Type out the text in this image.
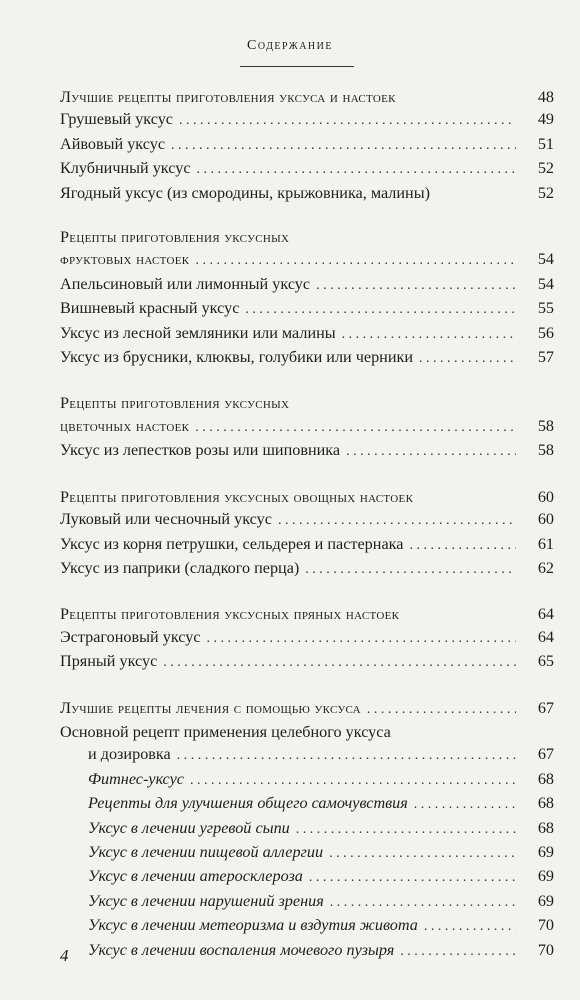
Содержание
Лучшие рецепты приготовления уксуса и настоек	48
Грушевый уксус . . .	49
Айвовый уксус . . .	51
Клубничный уксус . . .	52
Ягодный уксус (из смородины, крыжовника, малины)	52
Рецепты приготовления уксусных
фруктовых настоек . . .	54
Апельсиновый или лимонный уксус . . .	54
Вишневый красный уксус . . .	55
Уксус из лесной земляники или малины . . .	56
Уксус из брусники, клюквы, голубики или черники . . .	57
Рецепты приготовления уксусных
цветочных настоек . . .	58
Уксус из лепестков розы или шиповника . . .	58
Рецепты приготовления уксусных овощных настоек	60
Луковый или чесночный уксус . . .	60
Уксус из корня петрушки, сельдерея и пастернака . . .	61
Уксус из паприки (сладкого перца) . . .	62
Рецепты приготовления уксусных пряных настоек	64
Эстрагоновый уксус . . .	64
Пряный уксус . . .	65
Лучшие рецепты лечения с помощью уксуса . . .	67
Основной рецепт применения целебного уксуса
и дозировка . . .	67
Фитнес-уксус . . .	68
Рецепты для улучшения общего самочувствия . . .	68
Уксус в лечении угревой сыпи . . .	68
Уксус в лечении пищевой аллергии . . .	69
Уксус в лечении атеросклероза . . .	69
Уксус в лечении нарушений зрения . . .	69
Уксус в лечении метеоризма и вздутия живота . . .	70
Уксус в лечении воспаления мочевого пузыря . . .	70
4
